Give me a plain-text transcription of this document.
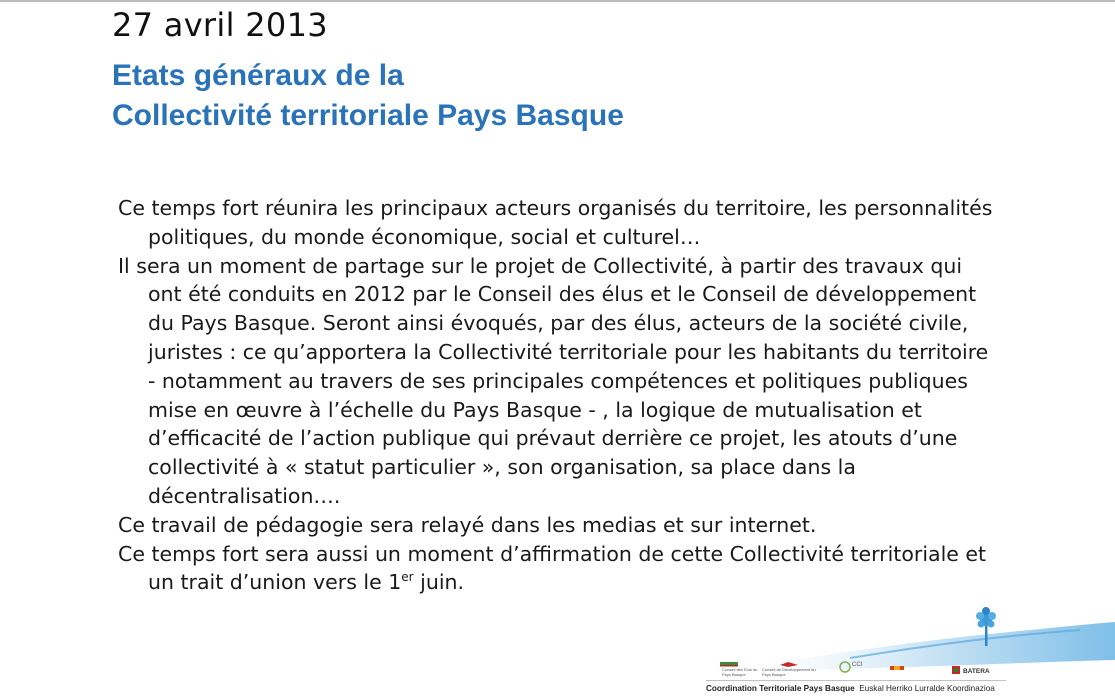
27 avril 2013
Etats généraux de la
Collectivité territoriale Pays Basque
Ce temps fort réunira les principaux acteurs organisés du territoire, les personnalités politiques, du monde économique, social et culturel…
Il sera un moment de partage sur le projet de Collectivité, à partir des travaux qui ont été conduits en 2012 par le Conseil des élus et le Conseil de développement du Pays Basque. Seront ainsi évoqués, par des élus, acteurs de la société civile, juristes : ce qu’apportera la Collectivité territoriale pour les habitants du territoire - notamment au travers de ses principales compétences et politiques publiques mise en œuvre à l’échelle du Pays Basque - , la logique de mutualisation et d’efficacité de l’action publique qui prévaut derrière ce projet, les atouts d’une collectivité à « statut particulier », son organisation, sa place dans la décentralisation….
Ce travail de pédagogie sera relayé dans les medias et sur internet.
Ce temps fort sera aussi un moment d’affirmation de cette Collectivité territoriale et un trait d’union vers le 1er juin.
Conseil des Elus du Pays Basque
Conseil de Développement du Pays Basque
CCI
BATERA
Coordination Territoriale Pays Basque Euskal Herriko Lurralde Koordinazioa
